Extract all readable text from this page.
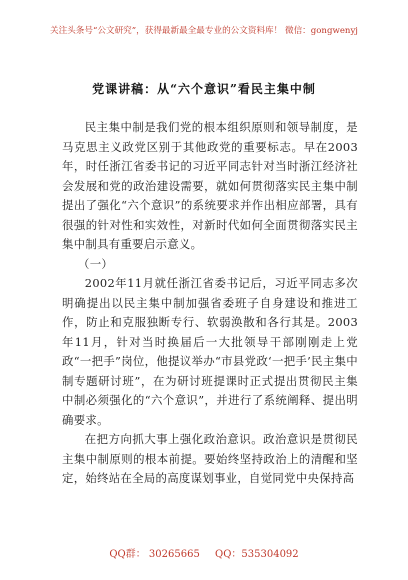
关注头条号“公文研究”，获得最新最全最专业的公文资料库！ 微信：gongwenyj
党课讲稿：从“六个意识”看民主集中制

民主集中制是我们党的根本组织原则和领导制度，是马克思主义政党区别于其他政党的重要标志。早在2003年，时任浙江省委书记的习近平同志针对当时浙江经济社会发展和党的政治建设需要，就如何贯彻落实民主集中制提出了强化“六个意识”的系统要求并作出相应部署，具有很强的针对性和实效性，对新时代如何全面贯彻落实民主集中制具有重要启示意义。

（一）

2002年11月就任浙江省委书记后，习近平同志多次明确提出以民主集中制加强省委班子自身建设和推进工作，防止和克服独断专行、软弱涣散和各行其是。2003年11月，针对当时换届后一大批领导干部刚刚走上党政“一把手”岗位，他提议举办“市县党政‘一把手’民主集中制专题研讨班”，在为研讨班提课时正式提出贯彻民主集中制必须强化的“六个意识”，并进行了系统阐释、提出明确要求。

在把方向抓大事上强化政治意识。政治意识是贯彻民主集中制原则的根本前提。要始终坚持政治上的清醒和坚定，始终站在全局的高度谋划事业，自觉同党中央保持高

QQ群： 30265665 QQ：535304092
